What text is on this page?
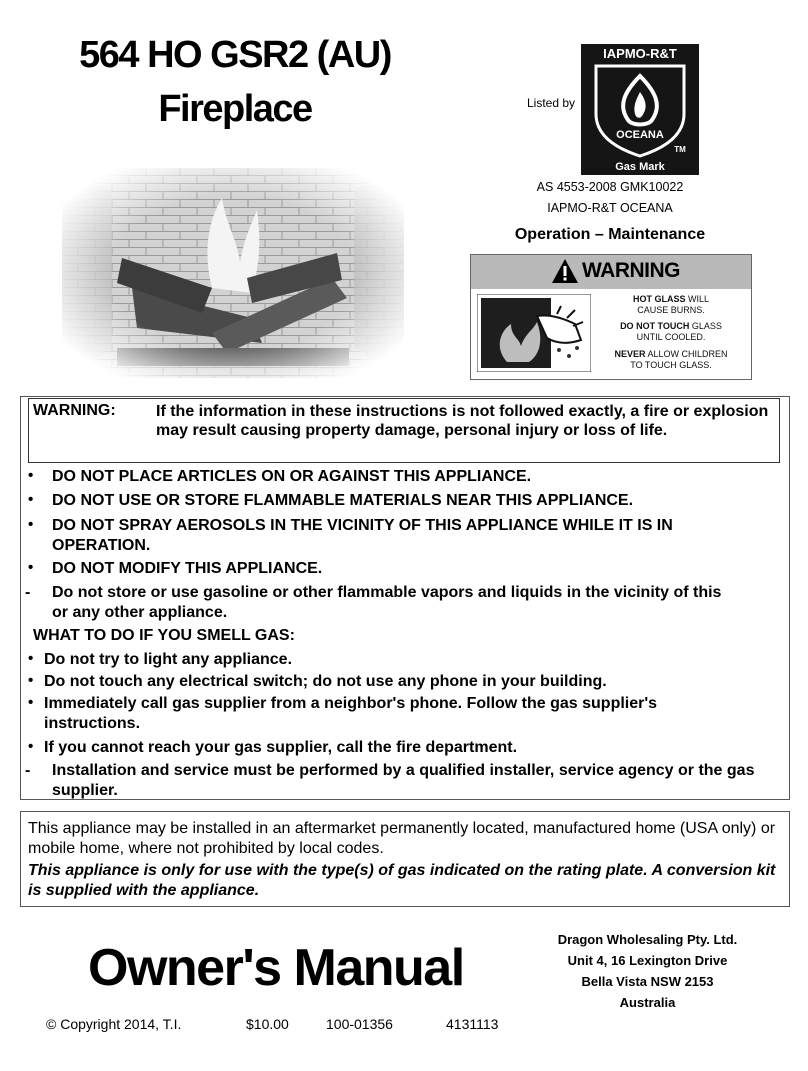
564 HO GSR2 (AU)
Fireplace	Listed by
IAPMO-R&T
OCEANA
TM
Gas Mark
AS 4553-2008 GMK10022
IAPMO-R&T OCEANA
Operation – Maintenance
WARNING
HOT GLASS WILL
CAUSE BURNS.
DO NOT TOUCH GLASS
UNTIL COOLED.
NEVER ALLOW CHILDREN
TO TOUCH GLASS.
WARNING:	If the information in these instructions is not followed exactly, a fire or explosion may result causing property damage, personal injury or loss of life.
• DO NOT PLACE ARTICLES ON OR AGAINST THIS APPLIANCE.
• DO NOT USE OR STORE FLAMMABLE MATERIALS NEAR THIS APPLIANCE.
• DO NOT SPRAY AEROSOLS IN THE VICINITY OF THIS APPLIANCE WHILE IT IS IN
OPERATION.
• DO NOT MODIFY THIS APPLIANCE.
- Do not store or use gasoline or other flammable vapors and liquids in the vicinity of this
or any other appliance.
WHAT TO DO IF YOU SMELL GAS:
• Do not try to light any appliance.
• Do not touch any electrical switch; do not use any phone in your building.
• Immediately call gas supplier from a neighbor's phone. Follow the gas supplier's
instructions.
• If you cannot reach your gas supplier, call the fire department.
- Installation and service must be performed by a qualified installer, service agency or the gas
supplier.
This appliance may be installed in an aftermarket permanently located, manufactured home (USA only) or mobile home, where not prohibited by local codes.
This appliance is only for use with the type(s) of gas indicated on the rating plate. A conversion kit is supplied with the appliance.
Owner's Manual	Dragon Wholesaling Pty. Ltd.
Unit 4, 16 Lexington Drive
Bella Vista NSW 2153
Australia
© Copyright 2014, T.I.	$10.00	100-01356	4131113
